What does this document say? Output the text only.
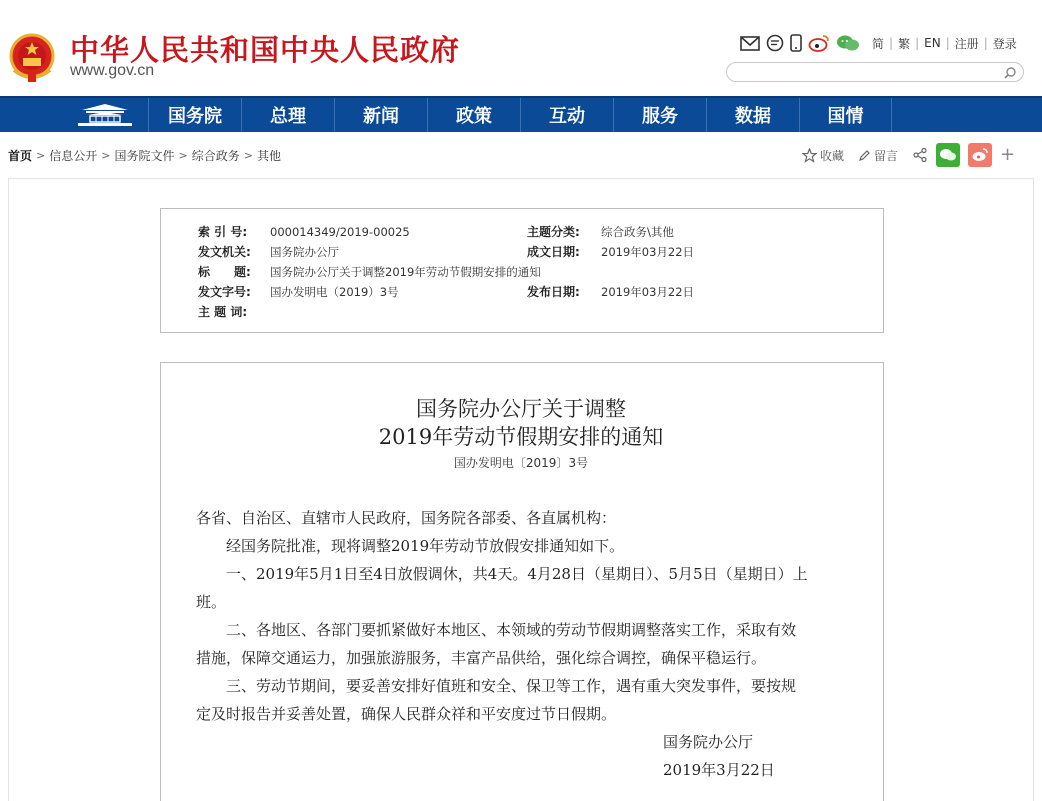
中华人民共和国中央人民政府
www.gov.cn
简 | 繁 | EN | 注册 | 登录
国务院	总理	新闻	政策	互动	服务	数据	国情
首页 > 信息公开 > 国务院文件 > 综合政务 > 其他	收藏	留言	+
索 引 号: 000014349/2019-00025	主题分类: 综合政务\其他
发文机关: 国务院办公厅	成文日期: 2019年03月22日
标　　题: 国务院办公厅关于调整2019年劳动节假期安排的通知
发文字号: 国办发明电（2019）3号	发布日期: 2019年03月22日
主 题 词:
国务院办公厅关于调整
2019年劳动节假期安排的通知
国办发明电〔2019〕3号
各省、自治区、直辖市人民政府，国务院各部委、各直属机构：
　　经国务院批准，现将调整2019年劳动节放假安排通知如下。
　　一、2019年5月1日至4日放假调休，共4天。4月28日（星期日）、5月5日（星期日）上
班。
　　二、各地区、各部门要抓紧做好本地区、本领域的劳动节假期调整落实工作，采取有效
措施，保障交通运力，加强旅游服务，丰富产品供给，强化综合调控，确保平稳运行。
　　三、劳动节期间，要妥善安排好值班和安全、保卫等工作，遇有重大突发事件，要按规
定及时报告并妥善处置，确保人民群众祥和平安度过节日假期。
国务院办公厅
2019年3月22日
